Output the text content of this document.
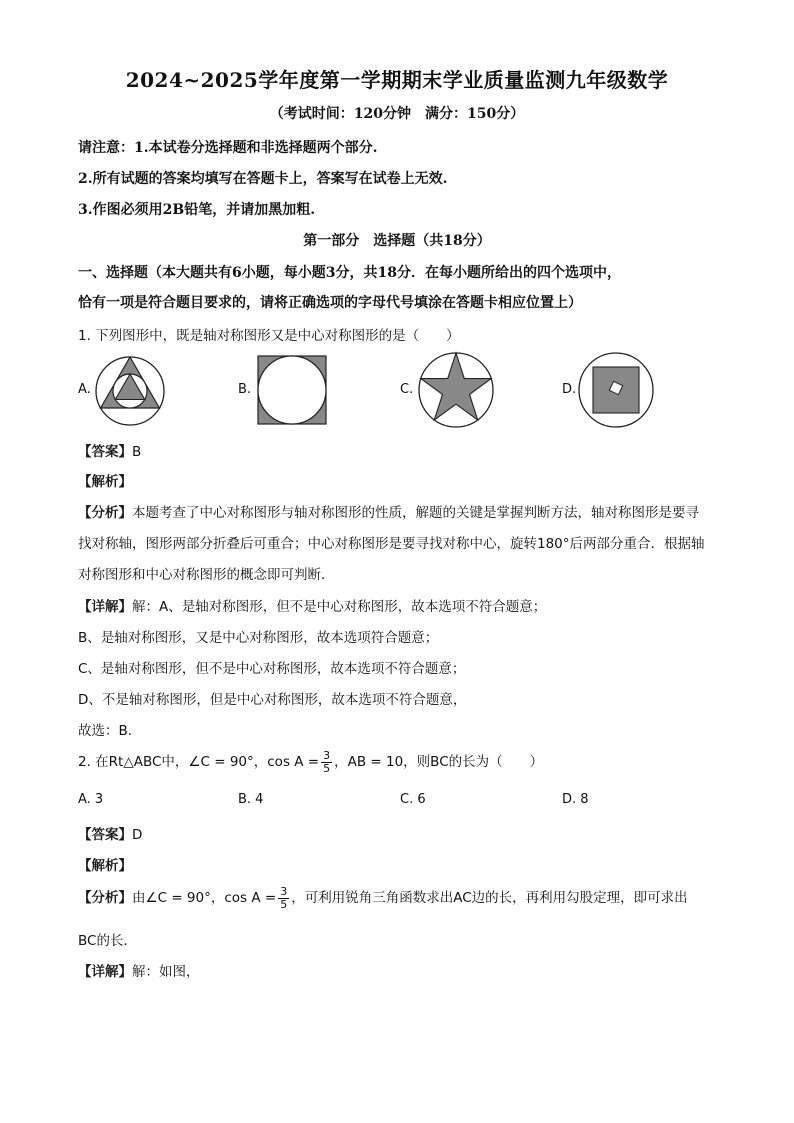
2024~2025学年度第一学期期末学业质量监测九年级数学
（考试时间：120分钟　满分：150分）
请注意：1.本试卷分选择题和非选择题两个部分.
2.所有试题的答案均填写在答题卡上，答案写在试卷上无效.
3.作图必须用2B铅笔，并请加黑加粗.
第一部分　选择题（共18分）
一、选择题（本大题共有6小题，每小题3分，共18分．在每小题所给出的四个选项中，
恰有一项是符合题目要求的，请将正确选项的字母代号填涂在答题卡相应位置上）
1. 下列图形中，既是轴对称图形又是中心对称图形的是（　　）
A.	B.	C.	D.
【答案】B
【解析】
【分析】本题考查了中心对称图形与轴对称图形的性质，解题的关键是掌握判断方法，轴对称图形是要寻
找对称轴，图形两部分折叠后可重合；中心对称图形是要寻找对称中心，旋转180°后两部分重合．根据轴
对称图形和中心对称图形的概念即可判断．
【详解】解：A、是轴对称图形，但不是中心对称图形，故本选项不符合题意；
B、是轴对称图形，又是中心对称图形，故本选项符合题意；
C、是轴对称图形，但不是中心对称图形，故本选项不符合题意；
D、不是轴对称图形，但是中心对称图形，故本选项不符合题意，
故选：B．
2. 在Rt△ABC中，∠C = 90°，$\cos A = \frac{3}{5}$ ，AB = 10，则BC的长为（　　）
A. 3	B. 4	C. 6	D. 8
【答案】D
【解析】
【分析】由∠C = 90°，$\cos A = \frac{3}{5}$ ，可利用锐角三角函数求出AC边的长，再利用勾股定理，即可求出
BC的长．
【详解】解：如图，
